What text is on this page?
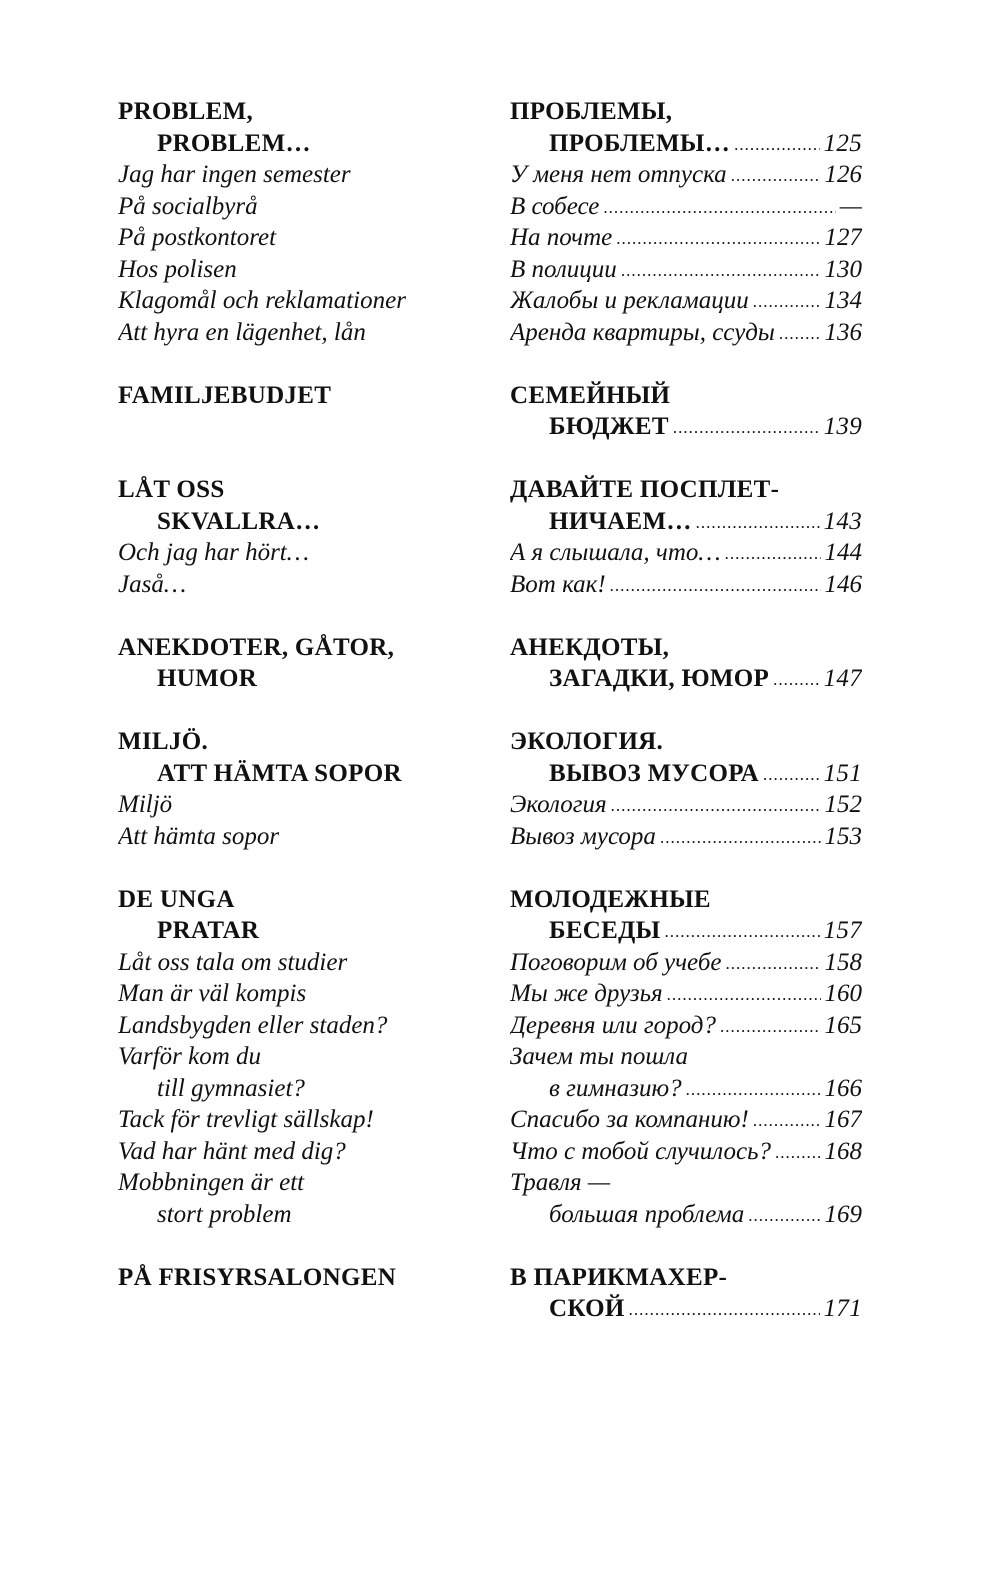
PROBLEM,
PROBLEM…
Jag har ingen semester
På socialbyrå
På postkontoret
Hos polisen
Klagomål och reklamationer
Att hyra en lägenhet, lån
FAMILJEBUDJET
LÅT OSS
SKVALLRA…
Och jag har hört…
Jaså…
ANEKDOTER, GÅTOR,
HUMOR
MILJÖ.
ATT HÄMTA SOPOR
Miljö
Att hämta sopor
DE UNGA
PRATAR
Låt oss tala om studier
Man är väl kompis
Landsbygden eller staden?
Varför kom du
till gymnasiet?
Tack för trevligt sällskap!
Vad har hänt med dig?
Mobbningen är ett
stort problem
PÅ FRISYRSALONGEN
ПРОБЛЕМЫ,
ПРОБЛЕМЫ… .....	125
У меня нет отпуска .....	126
В собесе .....	—
На почте .....	127
В полиции .....	130
Жалобы и рекламации .....	134
Аренда квартиры, ссуды ..... 136
СЕМЕЙНЫЙ
БЮДЖЕТ .....	139
ДАВАЙТЕ ПОСПЛЕТ-
НИЧАЕМ… .....	143
А я слышала, что… .....	144
Вот как! .....	146
АНЕКДОТЫ,
ЗАГАДКИ, ЮМОР ..... 147
ЭКОЛОГИЯ.
ВЫВОЗ МУСОРА .....	151
Экология .....	152
Вывоз мусора .....	153
МОЛОДЕЖНЫЕ
БЕСЕДЫ .....	157
Поговорим об учебе .....	158
Мы же друзья .....	160
Деревня или город? .....	165
Зачем ты пошла
в гимназию? .....	166
Спасибо за компанию! .....	167
Что с тобой случилось? ..... 168
Травля —
большая проблема .....	169
В ПАРИКМАХЕР-
СКОЙ .....	171
